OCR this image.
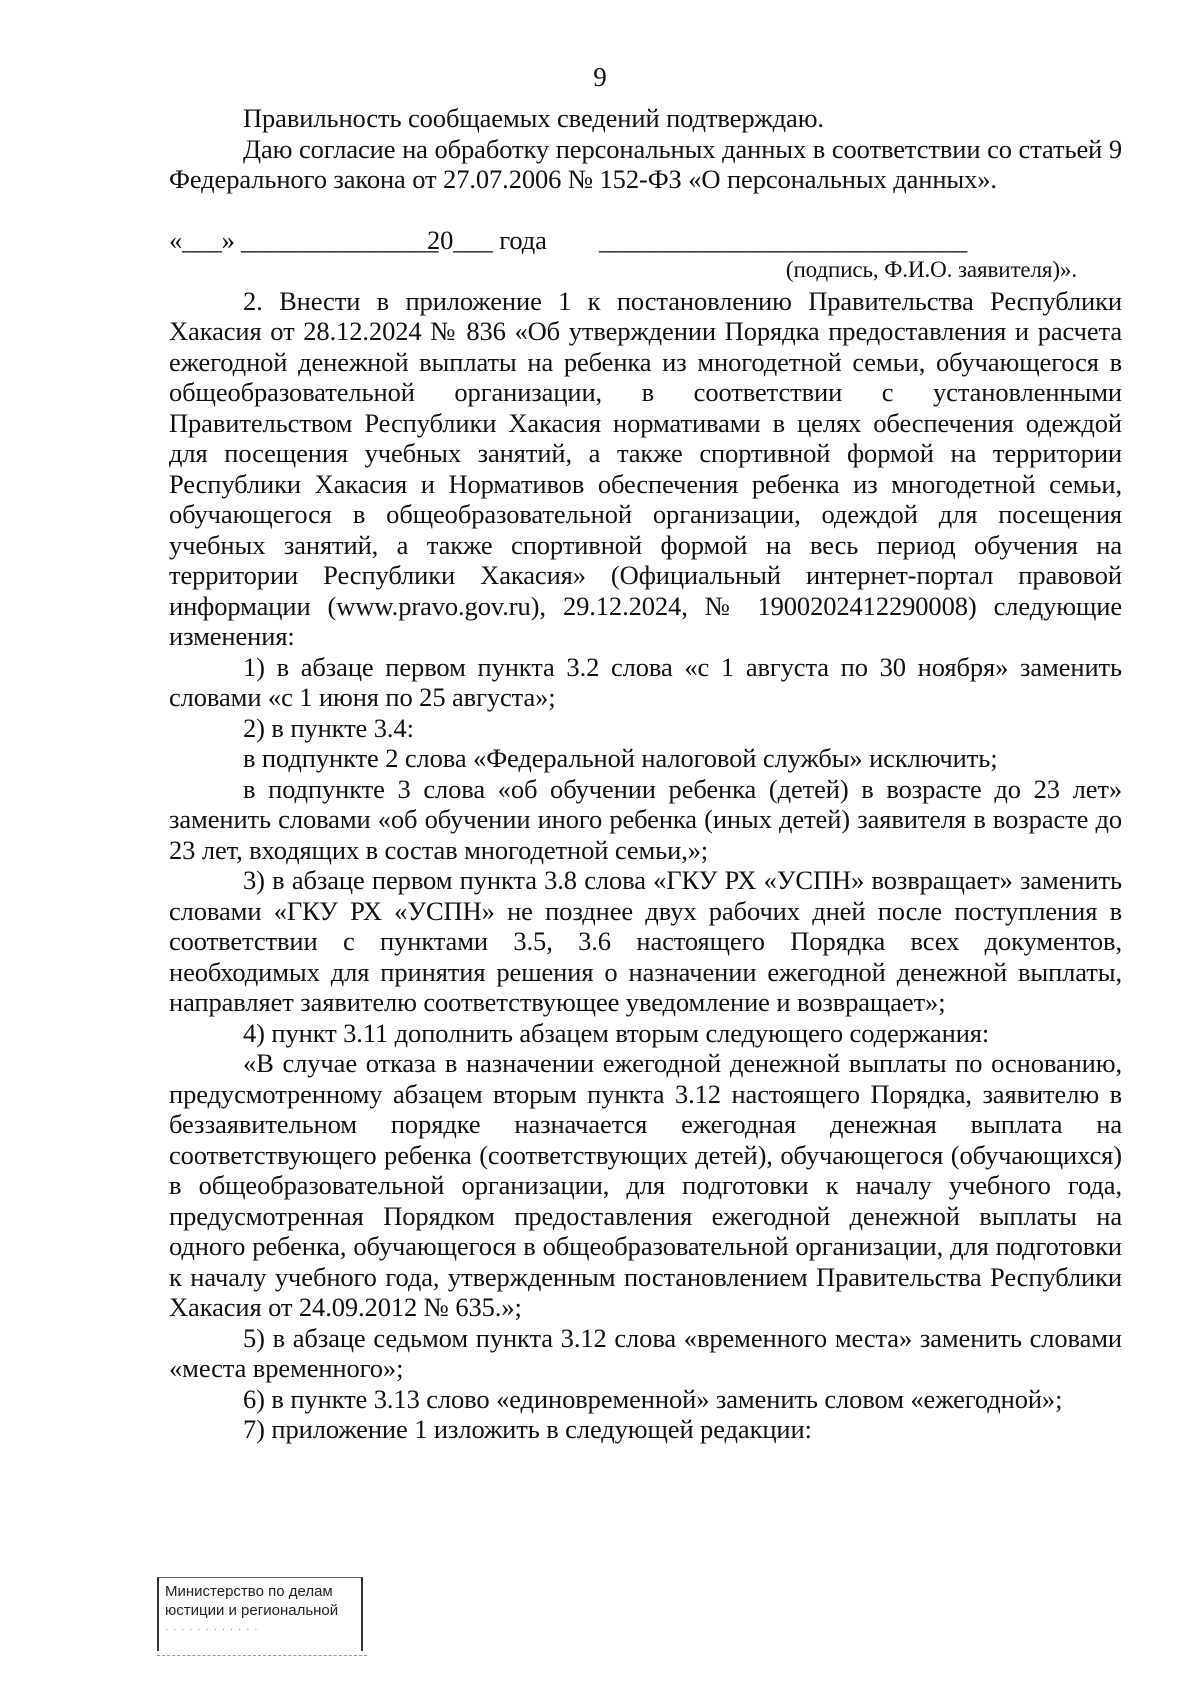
9

Правильность сообщаемых сведений подтверждаю.

Даю согласие на обработку персональных данных в соответствии со статьей 9 Федерального закона от 27.07.2006 № 152-ФЗ «О персональных данных».

«___» _______________
20___ года ____________________________
(подпись, Ф.И.О. заявителя)».

2. Внести в приложение 1 к постановлению Правительства Республики Хакасия от 28.12.2024 № 836 «Об утверждении Порядка предоставления и расчета ежегодной денежной выплаты на ребенка из многодетной семьи, обучающегося в общеобразовательной организации, в соответствии с установленными Правительством Республики Хакасия нормативами в целях обеспечения одеждой для посещения учебных занятий, а также спортивной формой на территории Республики Хакасия и Нормативов обеспечения ребенка из многодетной семьи, обучающегося в общеобразовательной организации, одеждой для посещения учебных занятий, а также спортивной формой на весь период обучения на территории Республики Хакасия» (Официальный интернет-портал правовой информации (www.pravo.gov.ru), 29.12.2024, № 1900202412290008) следующие изменения:

1) в абзаце первом пункта 3.2 слова «с 1 августа по 30 ноября» заменить словами «с 1 июня по 25 августа»;

2) в пункте 3.4:

в подпункте 2 слова «Федеральной налоговой службы» исключить;

в подпункте 3 слова «об обучении ребенка (детей) в возрасте до 23 лет» заменить словами «об обучении иного ребенка (иных детей) заявителя в возрасте до 23 лет, входящих в состав многодетной семьи,»;

3) в абзаце первом пункта 3.8 слова «ГКУ РХ «УСПН» возвращает» заменить словами «ГКУ РХ «УСПН» не позднее двух рабочих дней после поступления в соответствии с пунктами 3.5, 3.6 настоящего Порядка всех документов, необходимых для принятия решения о назначении ежегодной денежной выплаты, направляет заявителю соответствующее уведомление и возвращает»;

4) пункт 3.11 дополнить абзацем вторым следующего содержания:

«В случае отказа в назначении ежегодной денежной выплаты по основанию, предусмотренному абзацем вторым пункта 3.12 настоящего Порядка, заявителю в беззаявительном порядке назначается ежегодная денежная выплата на соответствующего ребенка (соответствующих детей), обучающегося (обучающихся) в общеобразовательной организации, для подготовки к началу учебного года, предусмотренная Порядком предоставления ежегодной денежной выплаты на одного ребенка, обучающегося в общеобразовательной организации, для подготовки к началу учебного года, утвержденным постановлением Правительства Республики Хакасия от 24.09.2012 № 635.»;

5) в абзаце седьмом пункта 3.12 слова «временного места» заменить словами «места временного»;

6) в пункте 3.13 слово «единовременной» заменить словом «ежегодной»;

7) приложение 1 изложить в следующей редакции:

Министерство по делам
юстиции и региональной
· · · · · · · · · · · ·
